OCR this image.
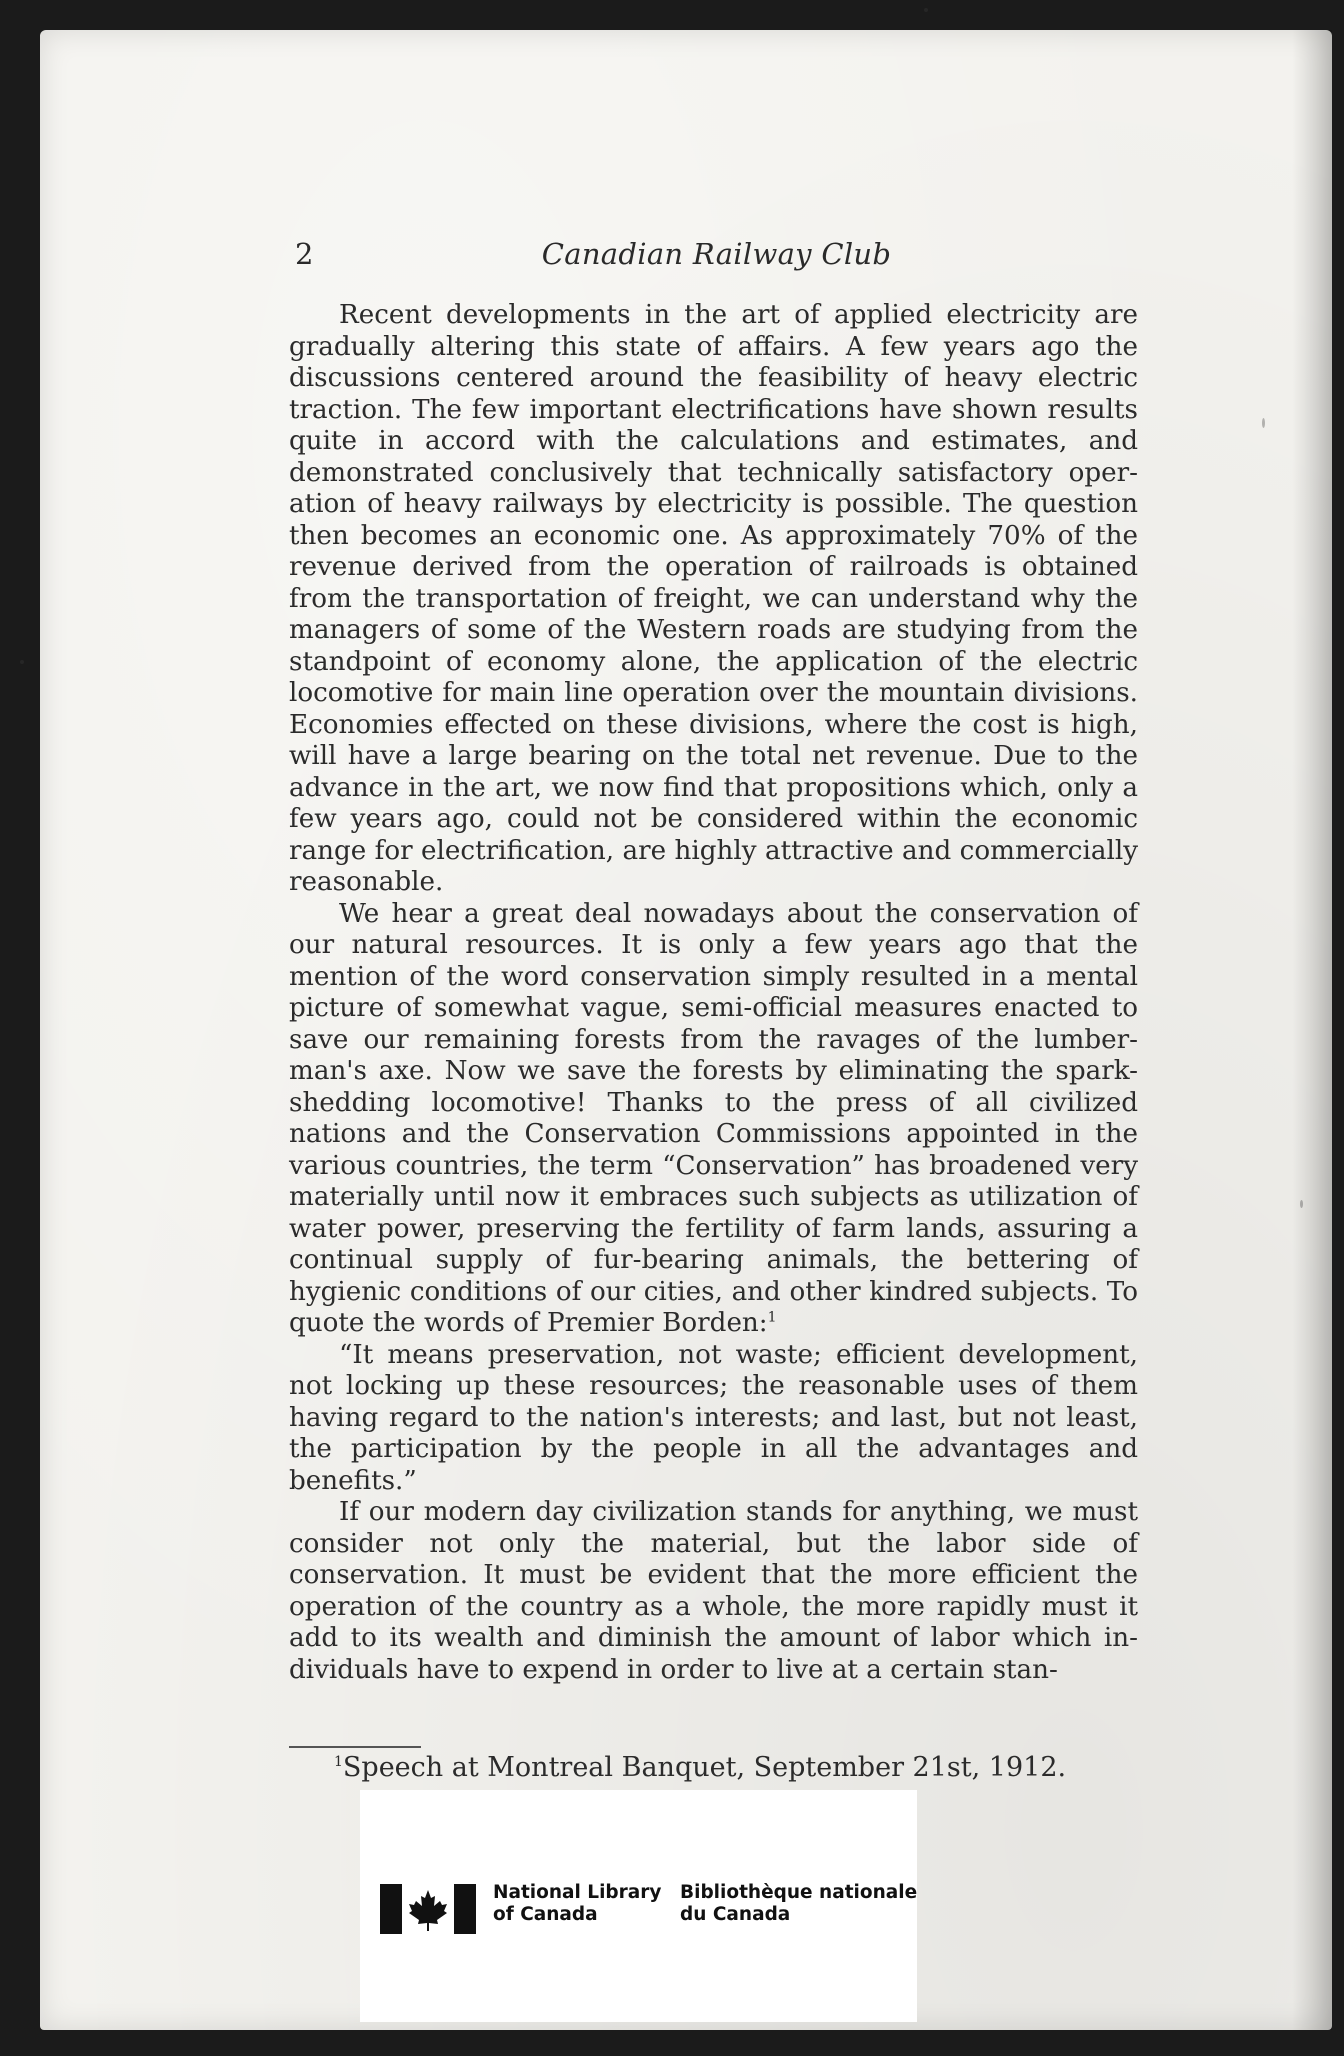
2	Canadian Railway Club

Recent developments in the art of applied electricity are gradually altering this state of affairs. A few years ago the discussions centered around the feasibility of heavy electric traction. The few important electrifications have shown results quite in accord with the calculations and estimates, and demonstrated conclusively that technically satisfactory operation of heavy railways by electricity is possible. The question then becomes an economic one. As approximately 70% of the revenue derived from the operation of railroads is obtained from the transportation of freight, we can understand why the managers of some of the Western roads are studying from the standpoint of economy alone, the application of the electric locomotive for main line operation over the mountain divisions. Economies effected on these divisions, where the cost is high, will have a large bearing on the total net revenue. Due to the advance in the art, we now find that propositions which, only a few years ago, could not be considered within the economic range for electrification, are highly attractive and commercially reasonable.

We hear a great deal nowadays about the conservation of our natural resources. It is only a few years ago that the mention of the word conservation simply resulted in a mental picture of somewhat vague, semi-official measures enacted to save our remaining forests from the ravages of the lumberman's axe. Now we save the forests by eliminating the spark-shedding locomotive! Thanks to the press of all civilized nations and the Conservation Commissions appointed in the various countries, the term “Conservation” has broadened very materially until now it embraces such subjects as utilization of water power, preserving the fertility of farm lands, assuring a continual supply of fur-bearing animals, the bettering of hygienic conditions of our cities, and other kindred subjects. To quote the words of Premier Borden:$^1$

“It means preservation, not waste; efficient development, not locking up these resources; the reasonable uses of them having regard to the nation's interests; and last, but not least, the participation by the people in all the advantages and benefits.”

If our modern day civilization stands for anything, we must consider not only the material, but the labor side of conservation. It must be evident that the more efficient the operation of the country as a whole, the more rapidly must it add to its wealth and diminish the amount of labor which individuals have to expend in order to live at a certain stan-

$^1$Speech at Montreal Banquet, September 21st, 1912.
National Library
of Canada
Bibliothèque nationale
du Canada
